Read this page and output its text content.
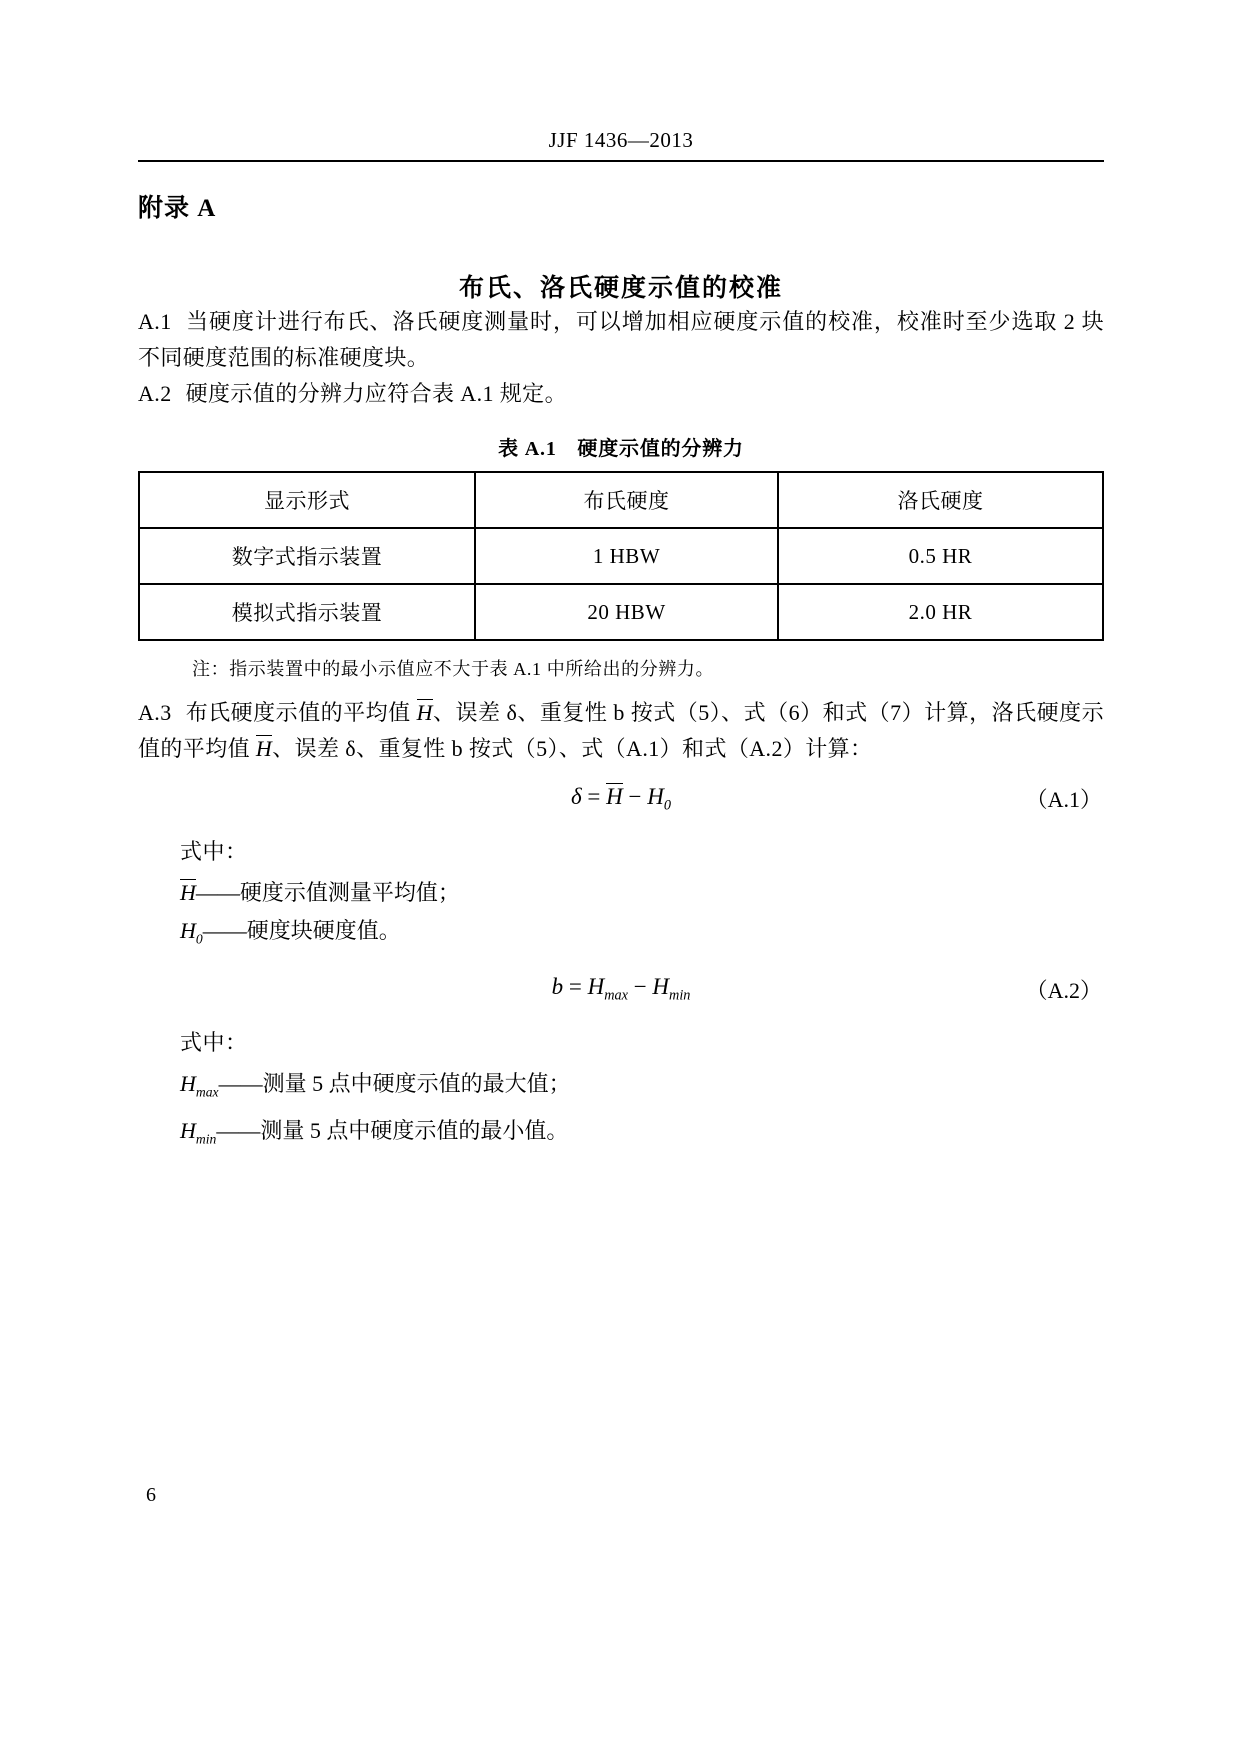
JJF 1436—2013
附录 A
布氏、洛氏硬度示值的校准

A.1 当硬度计进行布氏、洛氏硬度测量时，可以增加相应硬度示值的校准，校准时至少选取 2 块不同硬度范围的标准硬度块。

A.2 硬度示值的分辨力应符合表 A.1 规定。

表 A.1　硬度示值的分辨力
显示形式	布氏硬度	洛氏硬度
数字式指示装置	1 HBW	0.5 HR
模拟式指示装置	20 HBW	2.0 HR
注：指示装置中的最小示值应不大于表 A.1 中所给出的分辨力。

A.3 布氏硬度示值的平均值 H、误差 δ、重复性 b 按式（5）、式（6）和式（7）计算，洛氏硬度示值的平均值 H、误差 δ、重复性 b 按式（5）、式（A.1）和式（A.2）计算：

$\delta = H - H_0$	（A.1）
式中：
H——硬度示值测量平均值；
$H_0——$硬度块硬度值。
$b = H_{max} - H_{min}$	（A.2）
式中：
$H_{max}——$测量 5 点中硬度示值的最大值；
$H_{min}——$测量 5 点中硬度示值的最小值。
6
